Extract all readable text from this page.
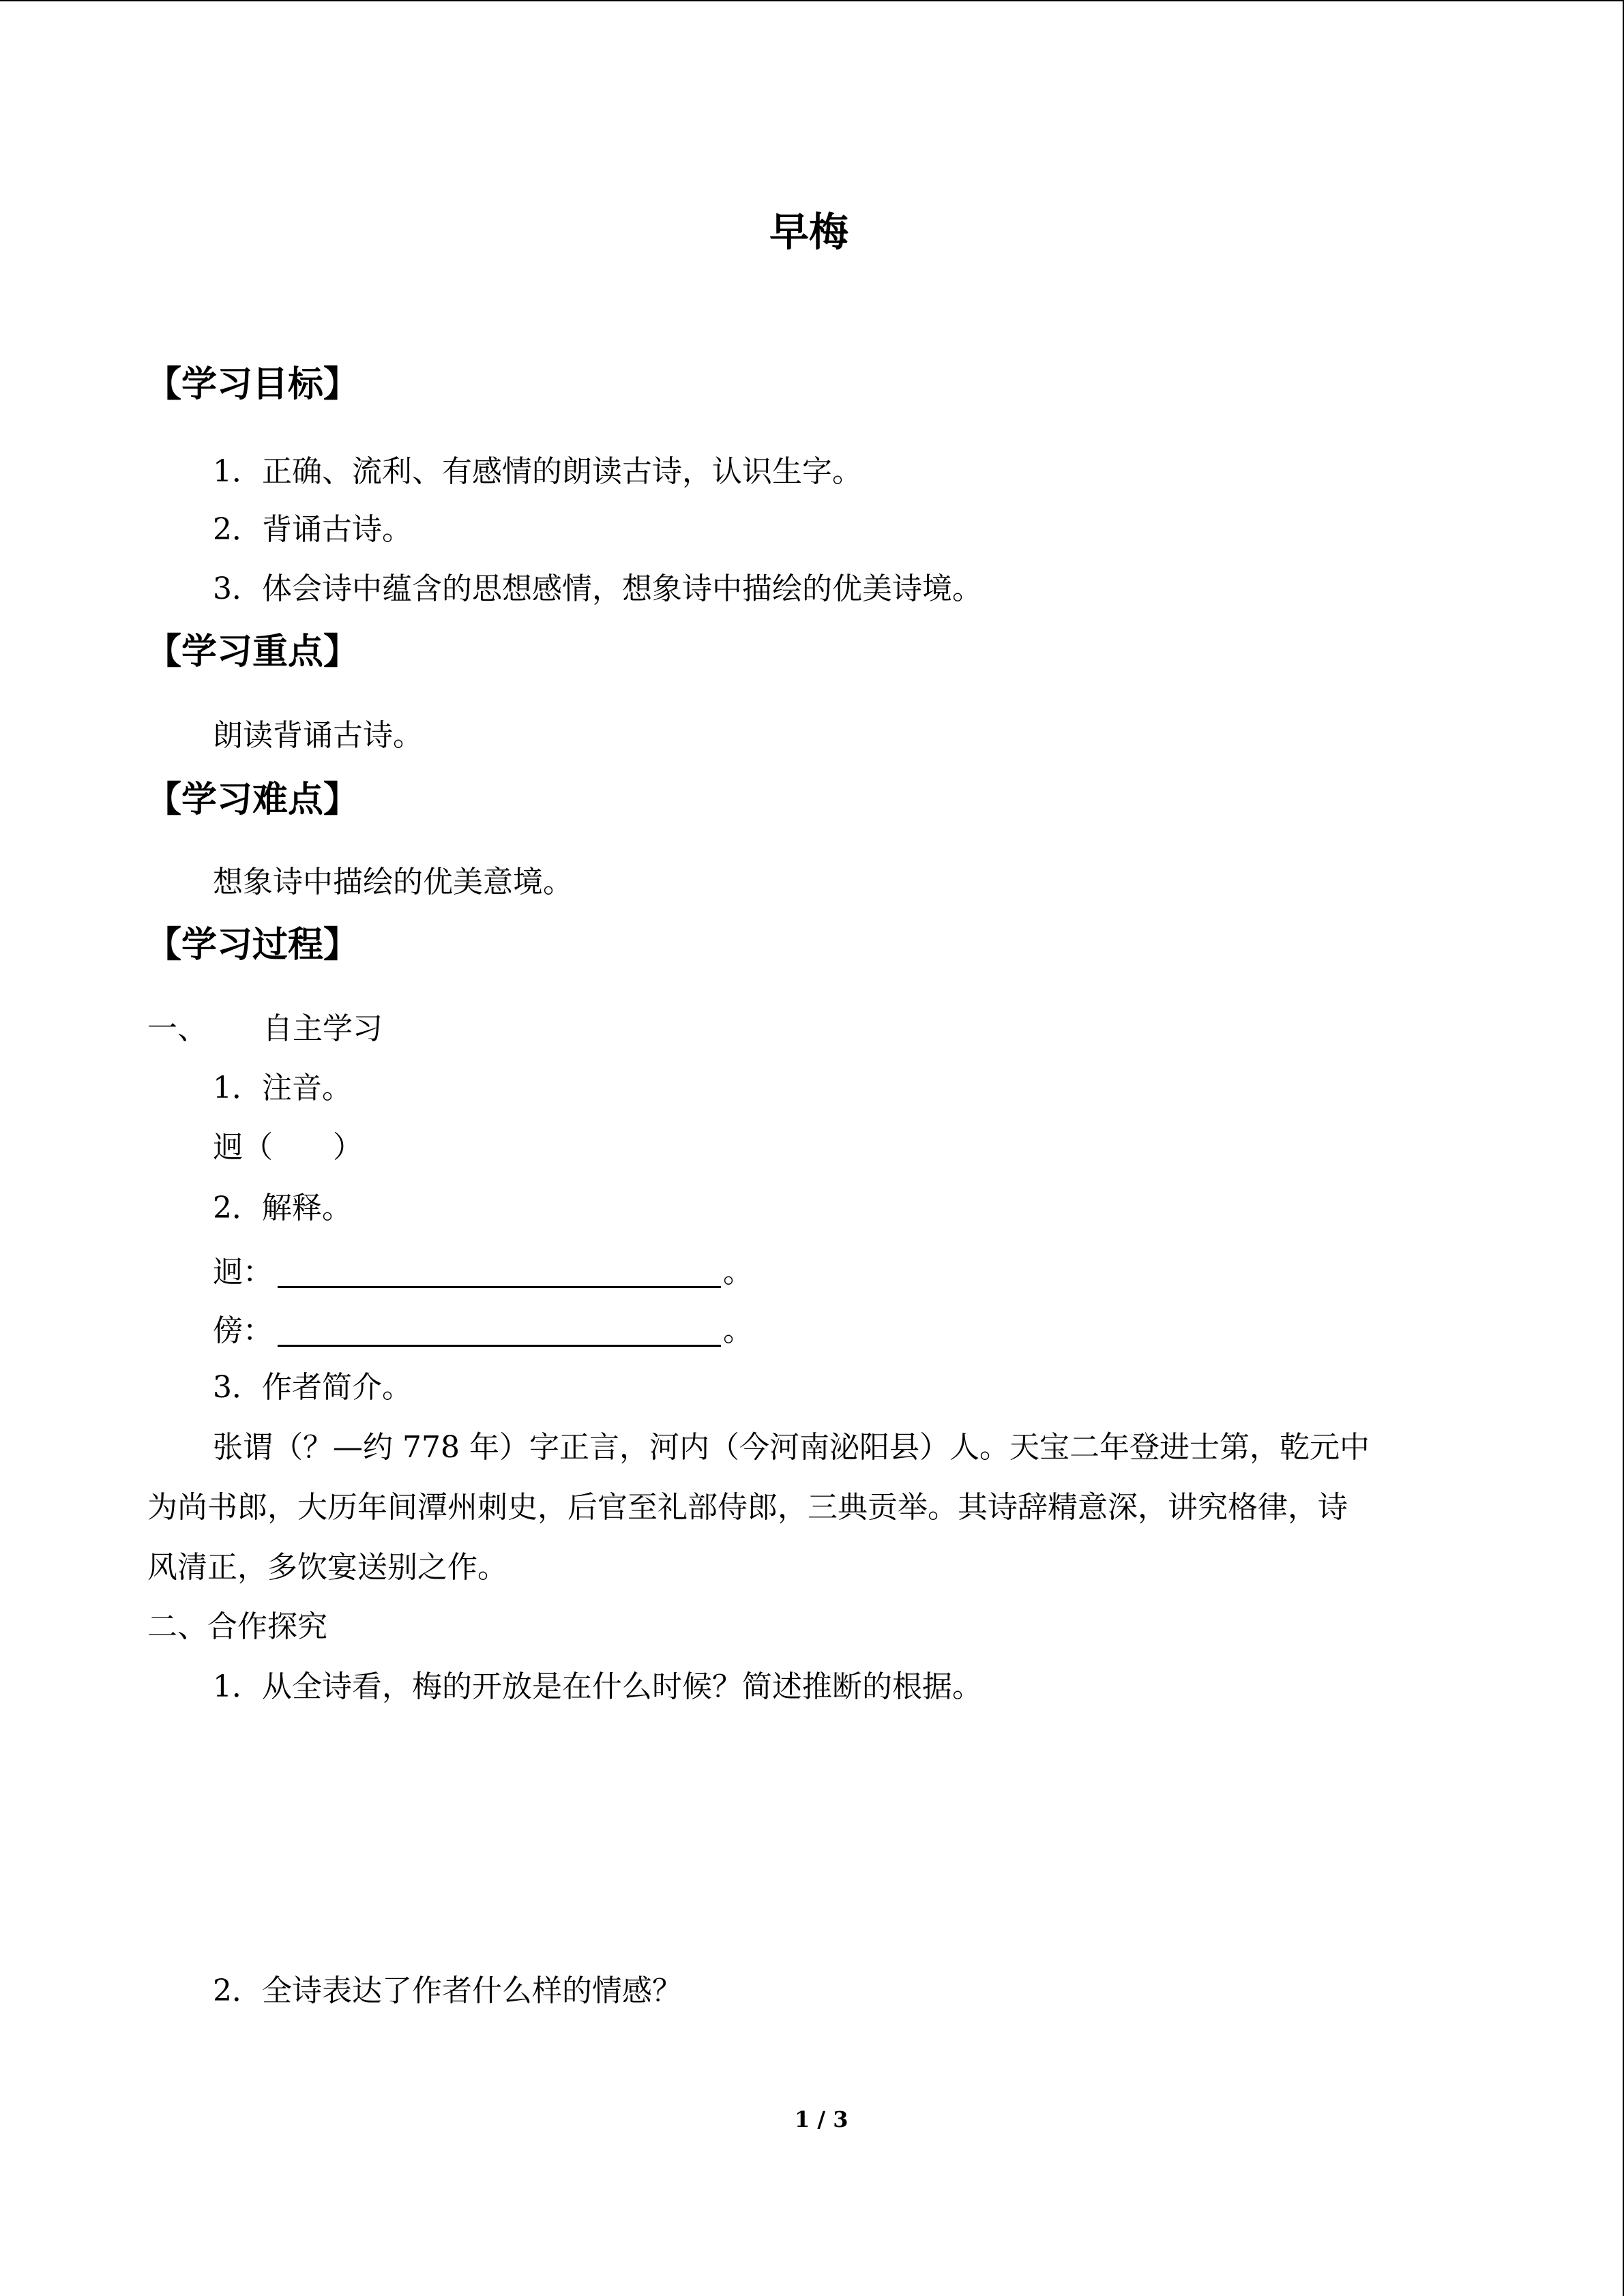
早梅
【学习目标】
1．正确、流利、有感情的朗读古诗，认识生字。
2．背诵古诗。
3．体会诗中蕴含的思想感情，想象诗中描绘的优美诗境。
【学习重点】
朗读背诵古诗。
【学习难点】
想象诗中描绘的优美意境。
【学习过程】
一、 自主学习
1．注音。
迥（　　）
2．解释。
迥：	。
傍：	。
3．作者简介。
张谓（？—约 778 年）字正言，河内（今河南泌阳县）人。天宝二年登进士第，乾元中
为尚书郎，大历年间潭州刺史，后官至礼部侍郎，三典贡举。其诗辞精意深，讲究格律，诗
风清正，多饮宴送别之作。
二、合作探究
1．从全诗看，梅的开放是在什么时候？简述推断的根据。
2．全诗表达了作者什么样的情感？
1 / 3
